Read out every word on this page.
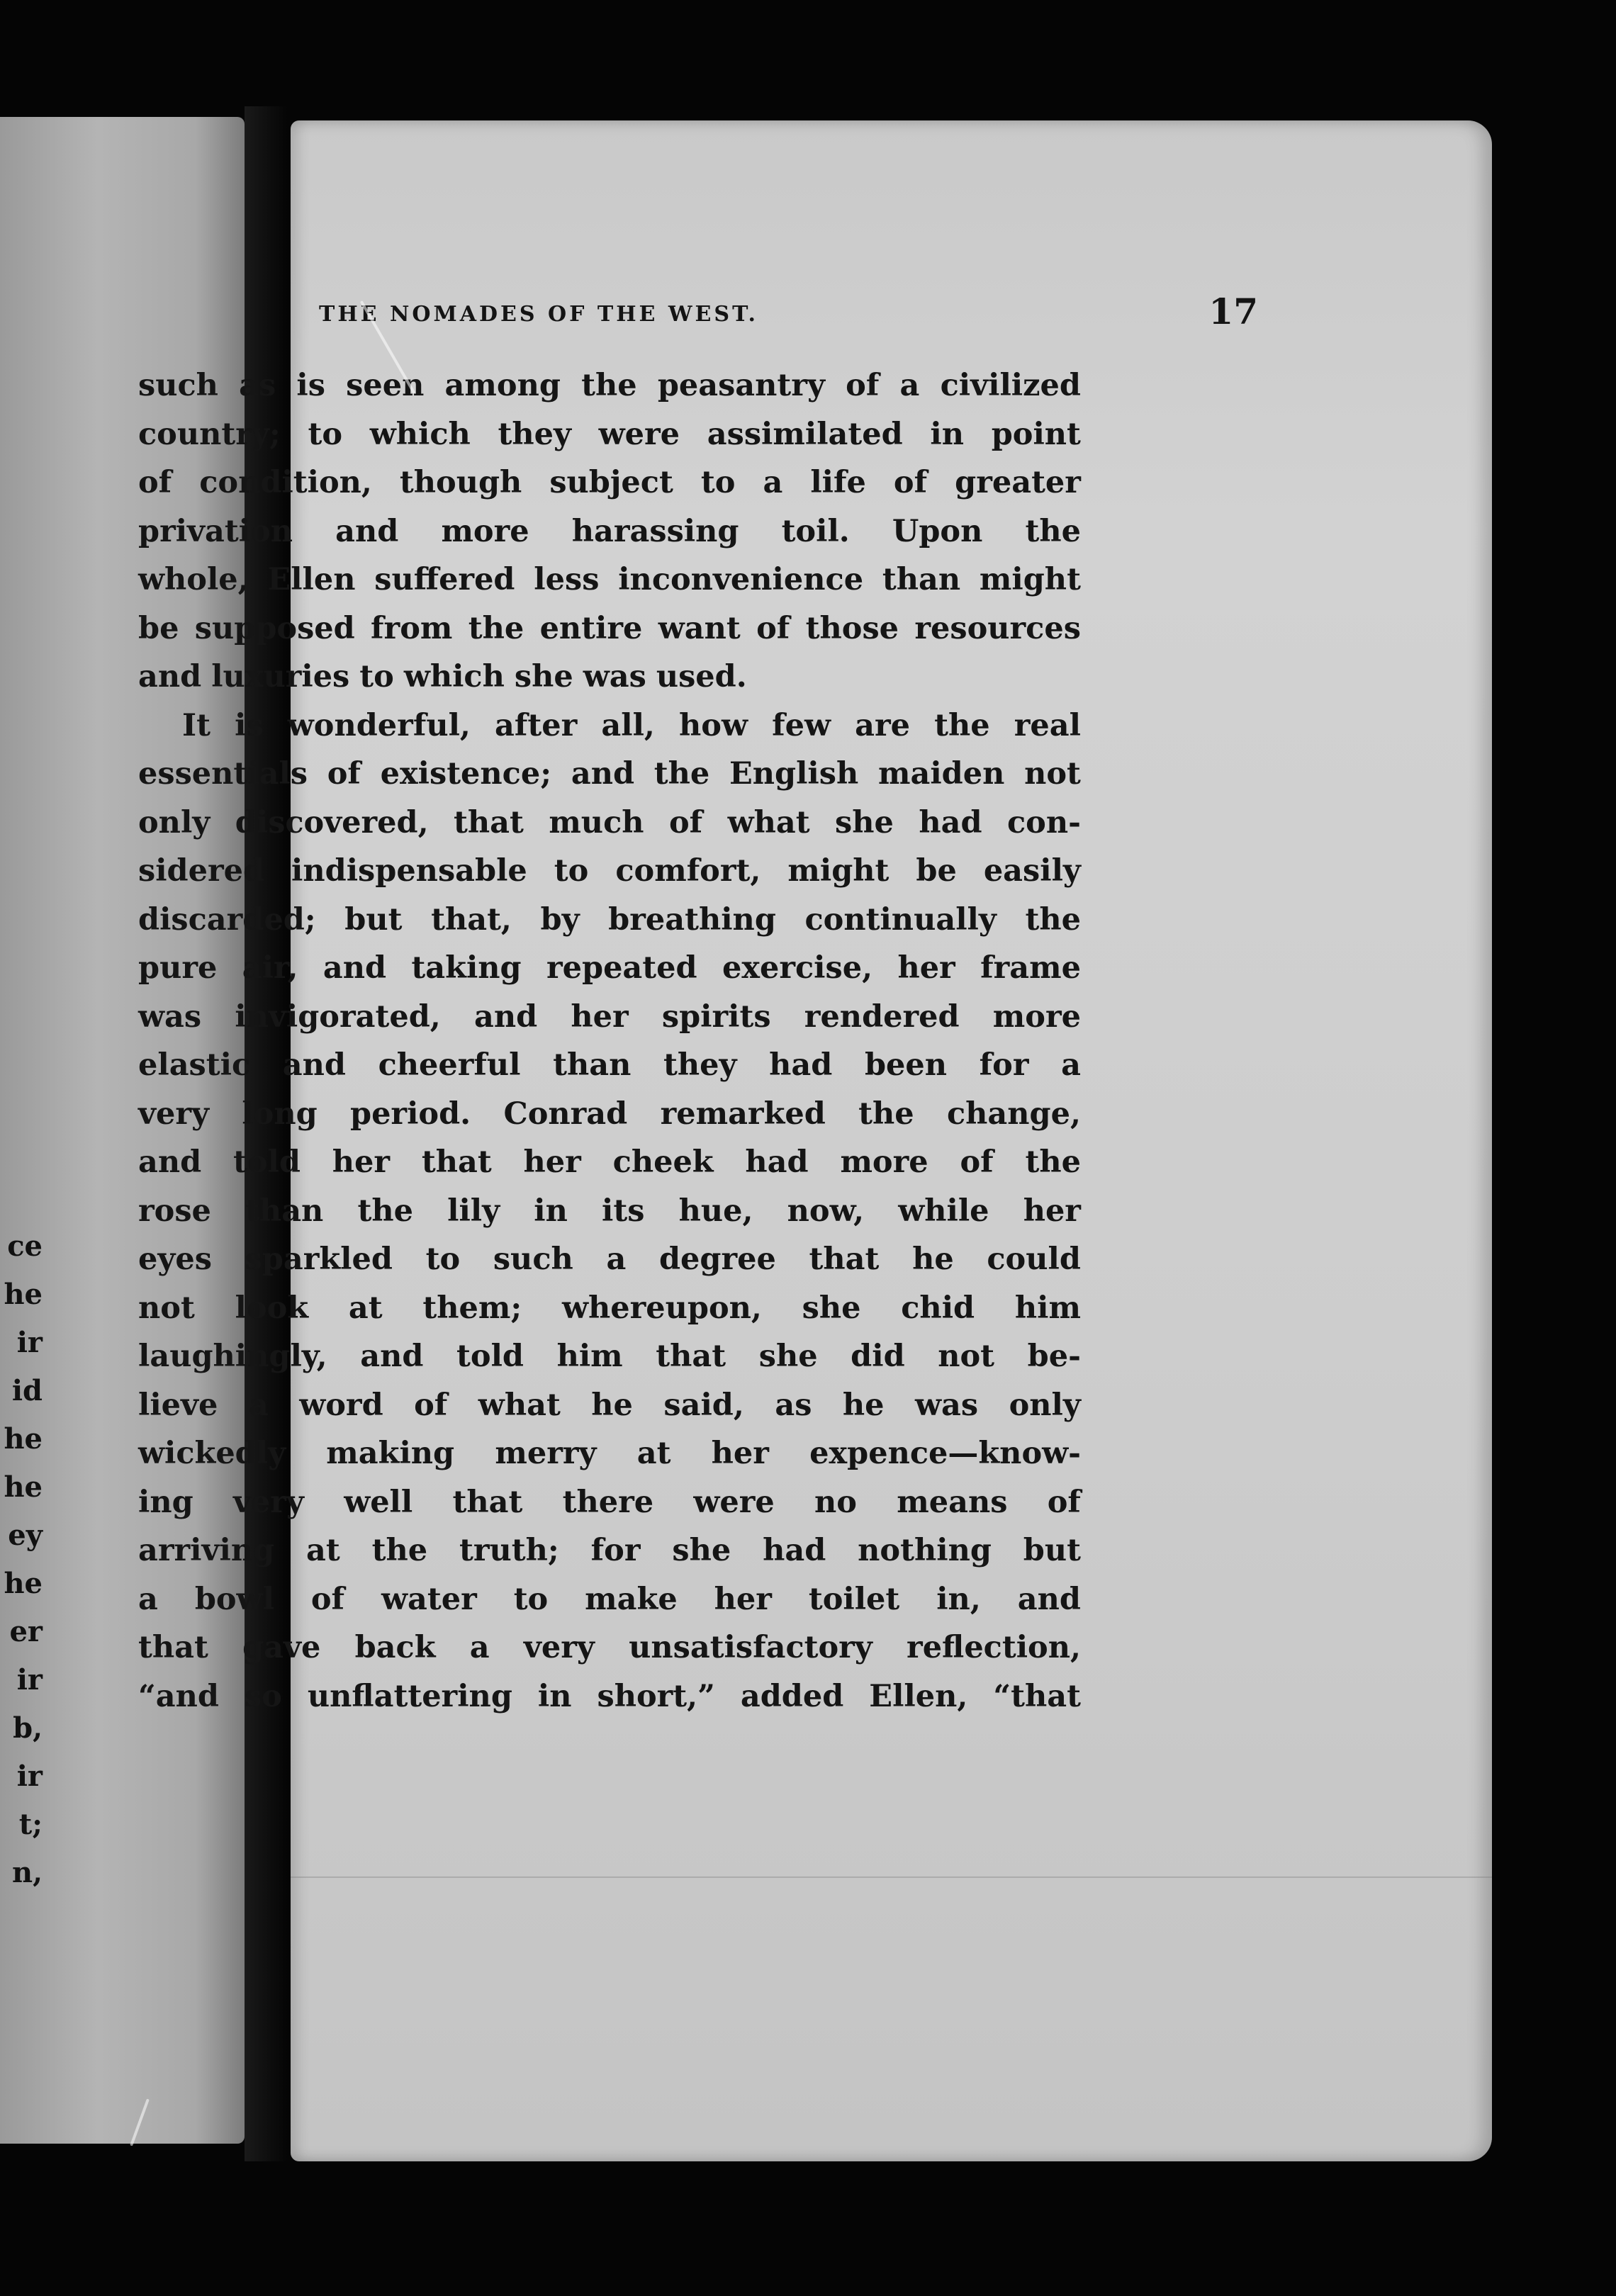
ce
he
ir
id
he
he
ey
he
er
ir
b,
ir
t;
n,
THE NOMADES OF THE WEST.	17
such as is seen among the peasantry of a civilized
country; to which they were assimilated in point
of condition, though subject to a life of greater
privation and more harassing toil. Upon the
whole, Ellen suffered less inconvenience than might
be supposed from the entire want of those resources
and luxuries to which she was used.
It is wonderful, after all, how few are the real
essentials of existence; and the English maiden not
only discovered, that much of what she had con-
sidered indispensable to comfort, might be easily
discarded; but that, by breathing continually the
pure air, and taking repeated exercise, her frame
was invigorated, and her spirits rendered more
elastic and cheerful than they had been for a
very long period. Conrad remarked the change,
and told her that her cheek had more of the
rose than the lily in its hue, now, while her
eyes sparkled to such a degree that he could
not look at them; whereupon, she chid him
laughingly, and told him that she did not be-
lieve a word of what he said, as he was only
wickedly making merry at her expence—know-
ing very well that there were no means of
arriving at the truth; for she had nothing but
a bowl of water to make her toilet in, and
that gave back a very unsatisfactory reflection,
“and so unflattering in short,” added Ellen, “that
